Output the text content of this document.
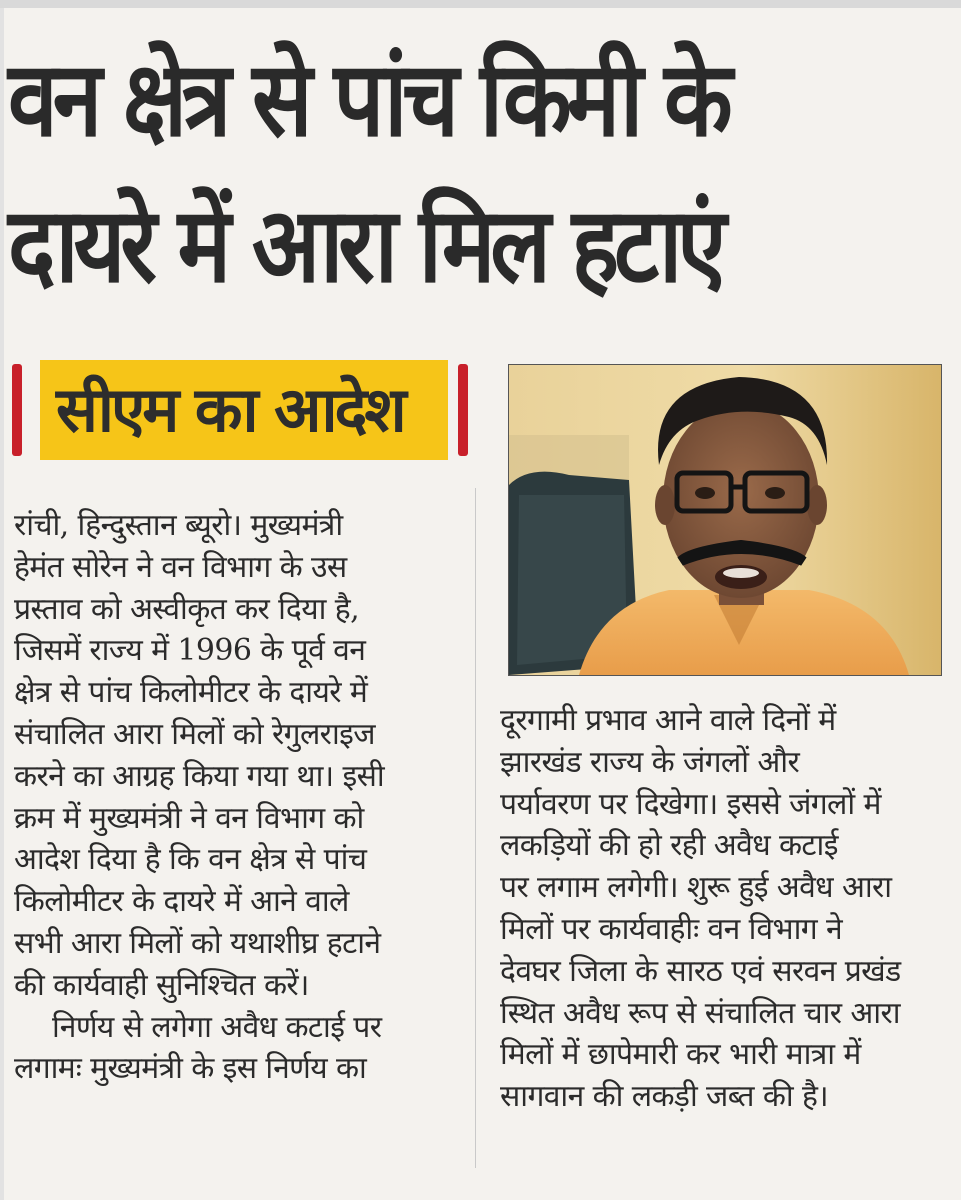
वन क्षेत्र से पांच किमी के
दायरे में आरा मिल हटाएं
सीएम का आदेश
रांची, हिन्दुस्तान ब्यूरो। मुख्यमंत्री
हेमंत सोरेन ने वन विभाग के उस
प्रस्ताव को अस्वीकृत कर दिया है,
जिसमें राज्य में 1996 के पूर्व वन
क्षेत्र से पांच किलोमीटर के दायरे में
संचालित आरा मिलों को रेगुलराइज
करने का आग्रह किया गया था। इसी
क्रम में मुख्यमंत्री ने वन विभाग को
आदेश दिया है कि वन क्षेत्र से पांच
किलोमीटर के दायरे में आने वाले
सभी आरा मिलों को यथाशीघ्र हटाने
की कार्यवाही सुनिश्चित करें।
निर्णय से लगेगा अवैध कटाई पर
लगामः मुख्यमंत्री के इस निर्णय का
दूरगामी प्रभाव आने वाले दिनों में
झारखंड राज्य के जंगलों और
पर्यावरण पर दिखेगा। इससे जंगलों में
लकड़ियों की हो रही अवैध कटाई
पर लगाम लगेगी। शुरू हुई अवैध आरा
मिलों पर कार्यवाहीः वन विभाग ने
देवघर जिला के सारठ एवं सरवन प्रखंड
स्थित अवैध रूप से संचालित चार आरा
मिलों में छापेमारी कर भारी मात्रा में
सागवान की लकड़ी जब्त की है।
